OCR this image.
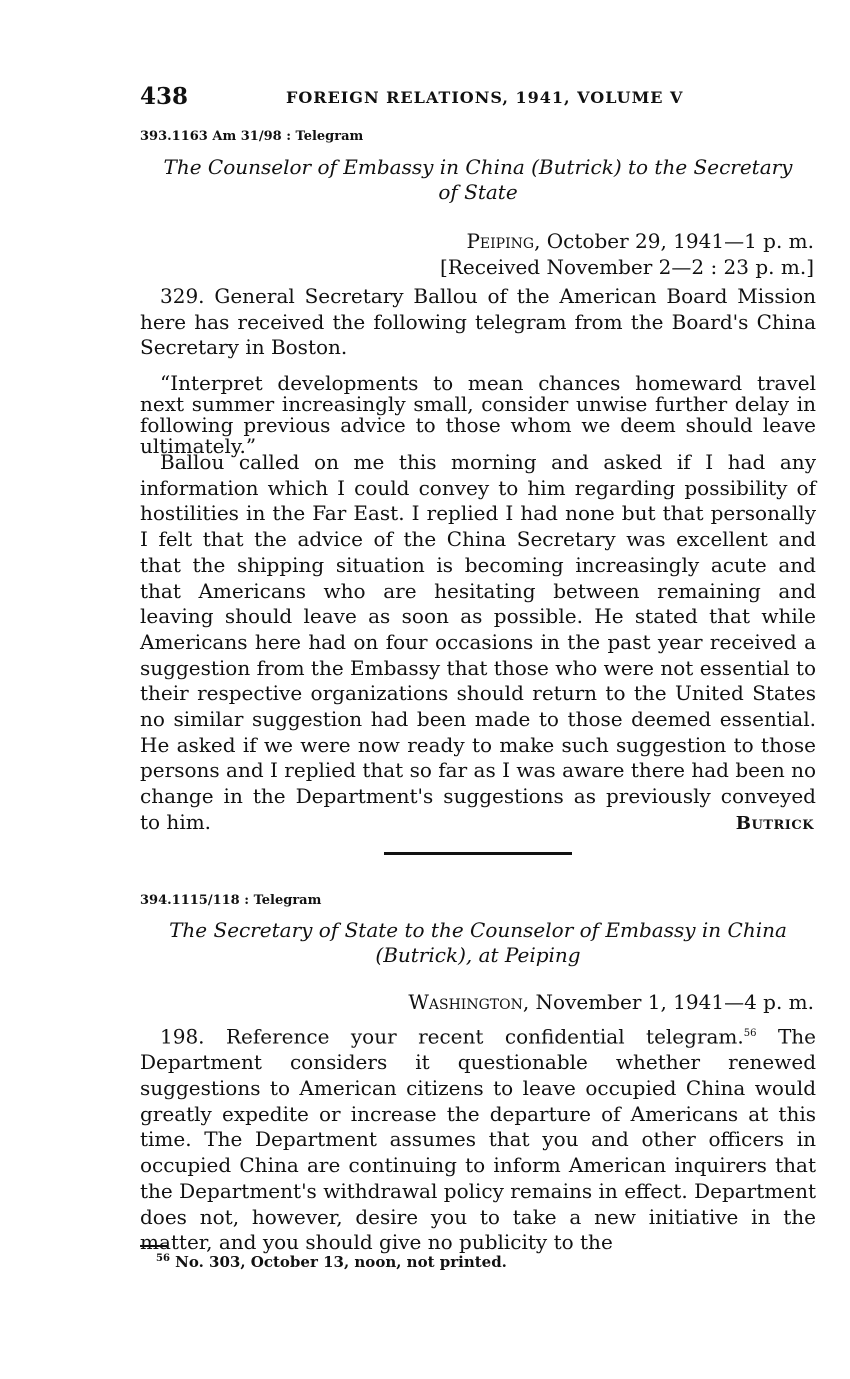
438	FOREIGN RELATIONS, 1941, VOLUME V
393.1163 Am 31/98 : Telegram
The Counselor of Embassy in China (Butrick) to the Secretary
of State
Peiping, October 29, 1941—1 p. m.
[Received November 2—2 : 23 p. m.]
329. General Secretary Ballou of the American Board Mission here has received the following telegram from the Board's China Secretary in Boston.
“Interpret developments to mean chances homeward travel next summer increasingly small, consider unwise further delay in following previous advice to those whom we deem should leave ultimately.”
Ballou called on me this morning and asked if I had any information which I could convey to him regarding possibility of hostilities in the Far East. I replied I had none but that personally I felt that the advice of the China Secretary was excellent and that the shipping situation is becoming increasingly acute and that Americans who are hesitating between remaining and leaving should leave as soon as possible. He stated that while Americans here had on four occasions in the past year received a suggestion from the Embassy that those who were not essential to their respective organizations should return to the United States no similar suggestion had been made to those deemed essential. He asked if we were now ready to make such suggestion to those persons and I replied that so far as I was aware there had been no change in the Department's suggestions as previously conveyed to him.	Butrick
394.1115/118 : Telegram
The Secretary of State to the Counselor of Embassy in China
(Butrick), at Peiping
Washington, November 1, 1941—4 p. m.
198. Reference your recent confidential telegram.$^{56}$ The Department considers it questionable whether renewed suggestions to American citizens to leave occupied China would greatly expedite or increase the departure of Americans at this time. The Department assumes that you and other officers in occupied China are continuing to inform American inquirers that the Department's withdrawal policy remains in effect. Department does not, however, desire you to take a new initiative in the matter, and you should give no publicity to the
$^{56}$ No. 303, October 13, noon, not printed.
